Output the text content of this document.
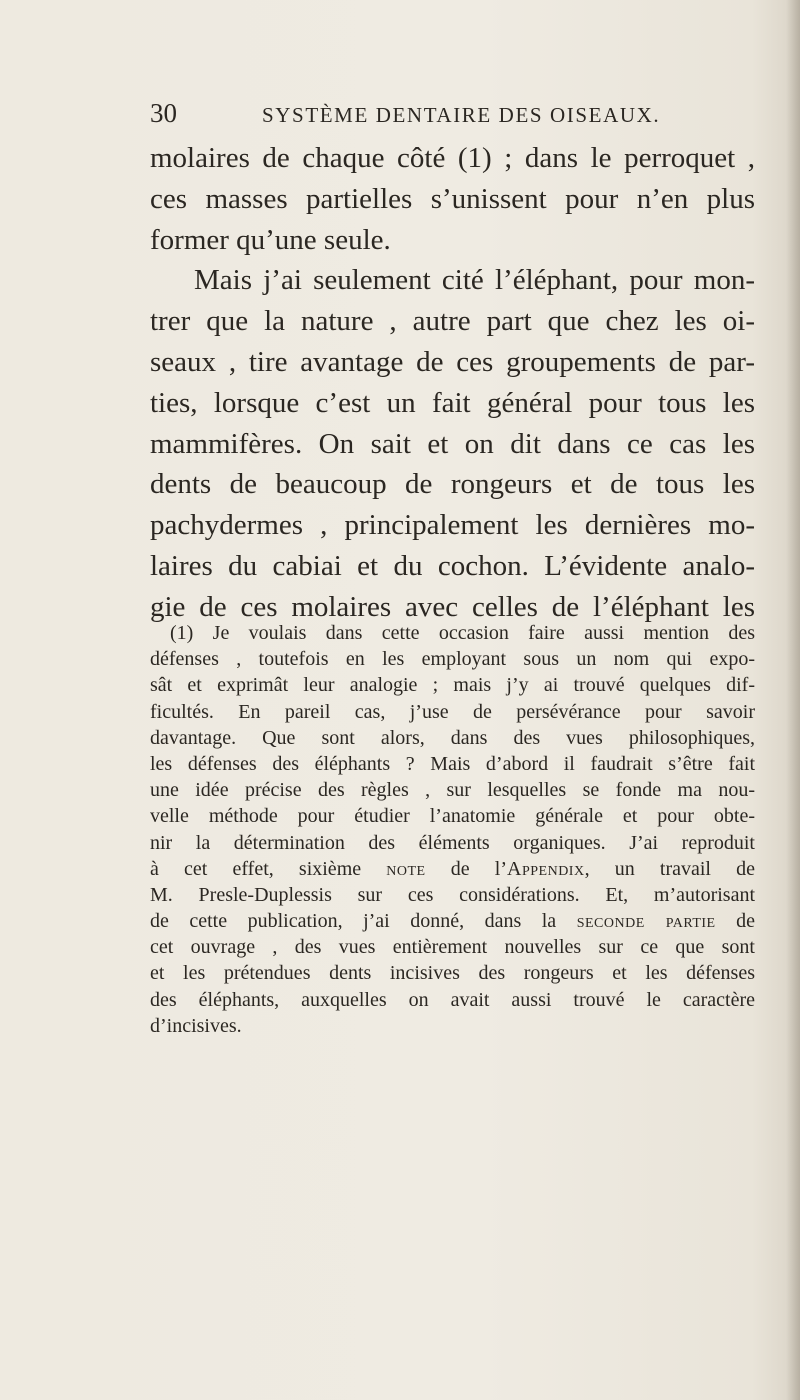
30	SYSTÈME DENTAIRE DES OISEAUX.
molaires de chaque côté (1) ; dans le perroquet ,
ces masses partielles s’unissent pour n’en plus
former qu’une seule.
Mais j’ai seulement cité l’éléphant, pour mon-
trer que la nature , autre part que chez les oi-
seaux , tire avantage de ces groupements de par-
ties, lorsque c’est un fait général pour tous les
mammifères. On sait et on dit dans ce cas les
dents de beaucoup de rongeurs et de tous les
pachydermes , principalement les dernières mo-
laires du cabiai et du cochon. L’évidente analo-
gie de ces molaires avec celles de l’éléphant les
(1) Je voulais dans cette occasion faire aussi mention des
défenses , toutefois en les employant sous un nom qui expo-
sât et exprimât leur analogie ; mais j’y ai trouvé quelques dif-
ficultés. En pareil cas, j’use de persévérance pour savoir
davantage. Que sont alors, dans des vues philosophiques,
les défenses des éléphants ? Mais d’abord il faudrait s’être fait
une idée précise des règles , sur lesquelles se fonde ma nou-
velle méthode pour étudier l’anatomie générale et pour obte-
nir la détermination des éléments organiques. J’ai reproduit
à cet effet, sixième note de l’Appendix, un travail de
M. Presle-Duplessis sur ces considérations. Et, m’autorisant
de cette publication, j’ai donné, dans la seconde partie de
cet ouvrage , des vues entièrement nouvelles sur ce que sont
et les prétendues dents incisives des rongeurs et les défenses
des éléphants, auxquelles on avait aussi trouvé le caractère
d’incisives.
